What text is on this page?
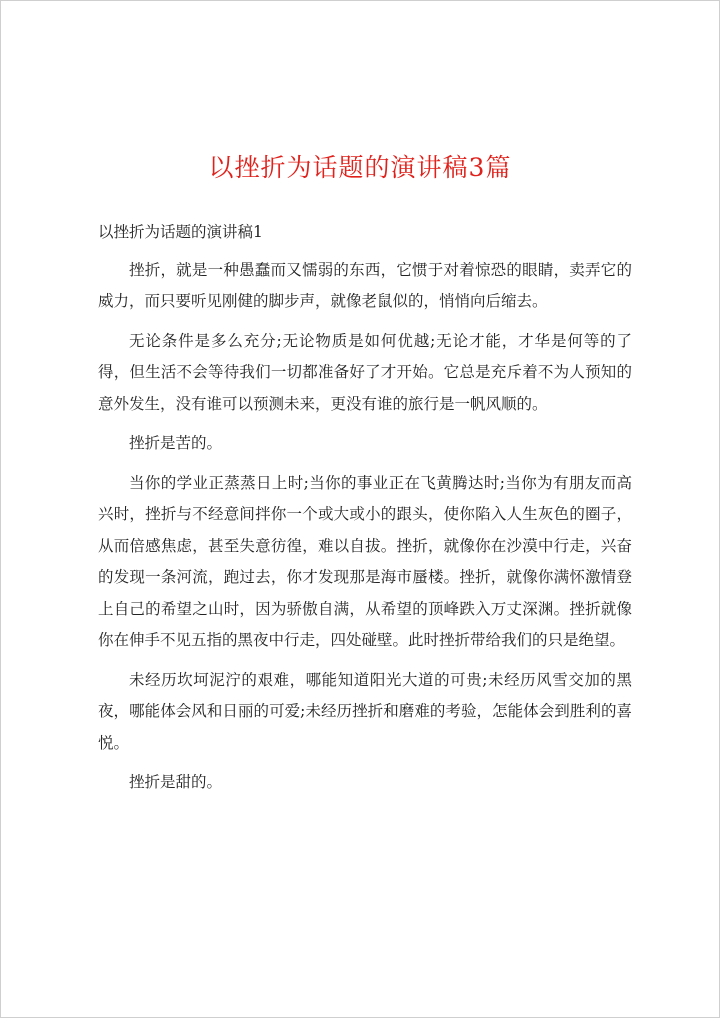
以挫折为话题的演讲稿3篇

以挫折为话题的演讲稿1

挫折，就是一种愚蠢而又懦弱的东西，它惯于对着惊恐的眼睛，卖弄它的威力，而只要听见刚健的脚步声，就像老鼠似的，悄悄向后缩去。

无论条件是多么充分;无论物质是如何优越;无论才能，才华是何等的了得，但生活不会等待我们一切都准备好了才开始。它总是充斥着不为人预知的意外发生，没有谁可以预测未来，更没有谁的旅行是一帆风顺的。

挫折是苦的。

当你的学业正蒸蒸日上时;当你的事业正在飞黄腾达时;当你为有朋友而高兴时，挫折与不经意间拌你一个或大或小的跟头，使你陷入人生灰色的圈子，从而倍感焦虑，甚至失意彷徨，难以自拔。挫折，就像你在沙漠中行走，兴奋的发现一条河流，跑过去，你才发现那是海市蜃楼。挫折，就像你满怀激情登上自己的希望之山时，因为骄傲自满，从希望的顶峰跌入万丈深渊。挫折就像你在伸手不见五指的黑夜中行走，四处碰壁。此时挫折带给我们的只是绝望。

未经历坎坷泥泞的艰难，哪能知道阳光大道的可贵;未经历风雪交加的黑夜，哪能体会风和日丽的可爱;未经历挫折和磨难的考验，怎能体会到胜利的喜悦。

挫折是甜的。
